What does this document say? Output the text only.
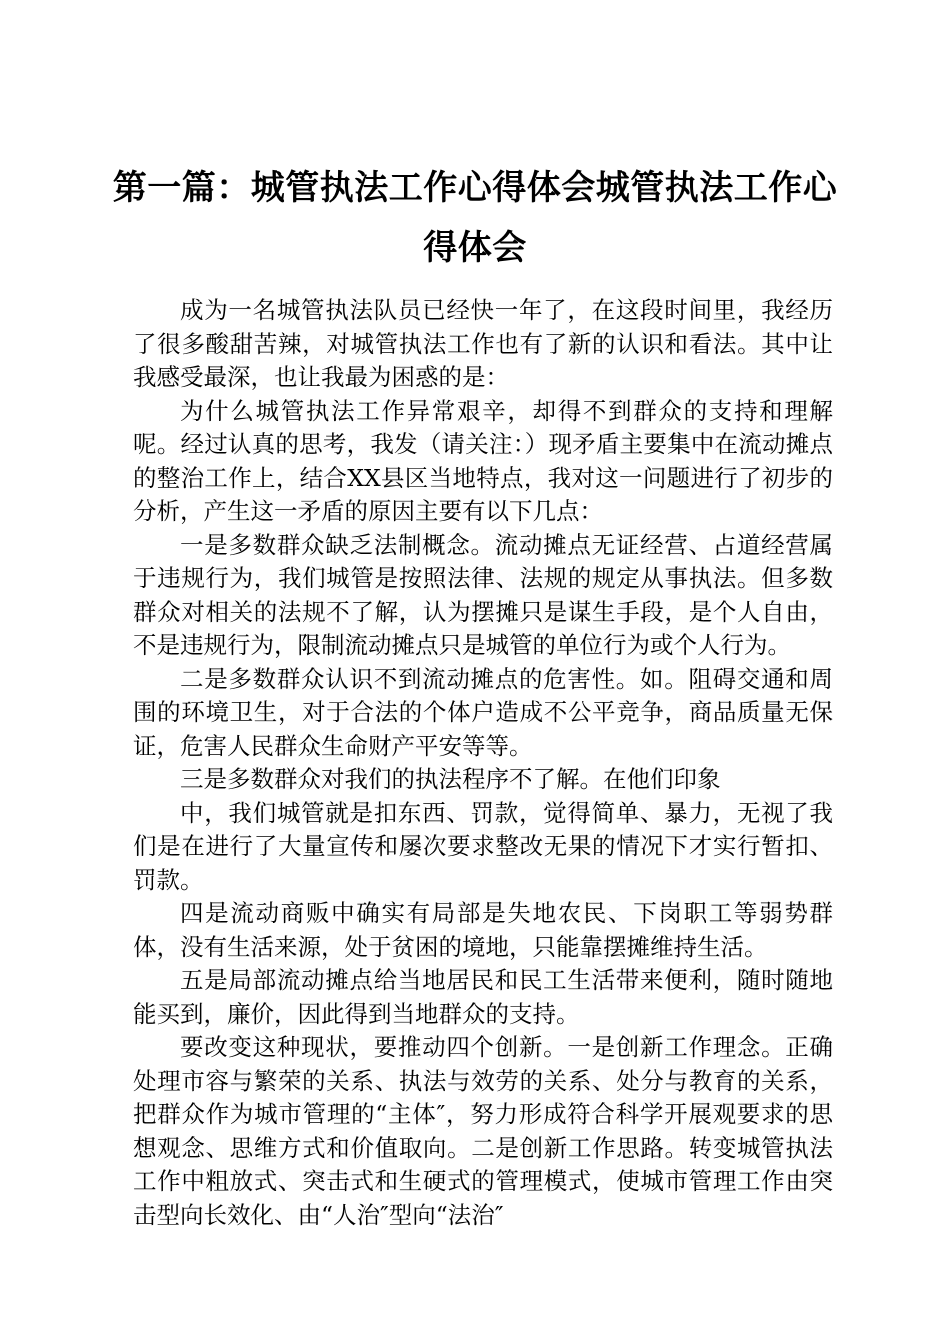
第一篇：城管执法工作心得体会城管执法工作心得体会

成为一名城管执法队员已经快一年了，在这段时间里，我经历了很多酸甜苦辣，对城管执法工作也有了新的认识和看法。其中让我感受最深，也让我最为困惑的是：

为什么城管执法工作异常艰辛，却得不到群众的支持和理解呢。经过认真的思考，我发（请关注：）现矛盾主要集中在流动摊点的整治工作上，结合XX县区当地特点，我对这一问题进行了初步的分析，产生这一矛盾的原因主要有以下几点：

一是多数群众缺乏法制概念。流动摊点无证经营、占道经营属于违规行为，我们城管是按照法律、法规的规定从事执法。但多数群众对相关的法规不了解，认为摆摊只是谋生手段，是个人自由，不是违规行为，限制流动摊点只是城管的单位行为或个人行为。

二是多数群众认识不到流动摊点的危害性。如。阻碍交通和周围的环境卫生，对于合法的个体户造成不公平竞争，商品质量无保证，危害人民群众生命财产平安等等。

三是多数群众对我们的执法程序不了解。在他们印象

中，我们城管就是扣东西、罚款，觉得简单、暴力，无视了我们是在进行了大量宣传和屡次要求整改无果的情况下才实行暂扣、罚款。

四是流动商贩中确实有局部是失地农民、下岗职工等弱势群体，没有生活来源，处于贫困的境地，只能靠摆摊维持生活。

五是局部流动摊点给当地居民和民工生活带来便利，随时随地能买到，廉价，因此得到当地群众的支持。

要改变这种现状，要推动四个创新。一是创新工作理念。正确处理市容与繁荣的关系、执法与效劳的关系、处分与教育的关系，把群众作为城市管理的“主体″，努力形成符合科学开展观要求的思想观念、思维方式和价值取向。二是创新工作思路。转变城管执法工作中粗放式、突击式和生硬式的管理模式，使城市管理工作由突击型向长效化、由“人治″型向“法治″
